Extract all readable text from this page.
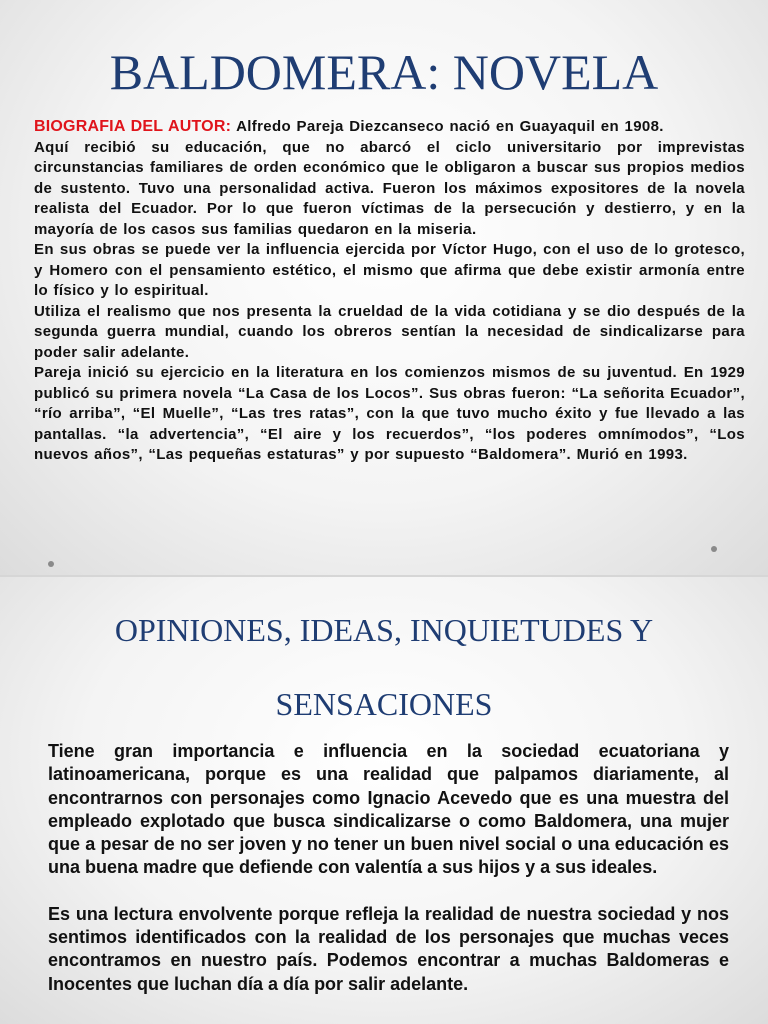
BALDOMERA: NOVELA

BIOGRAFIA DEL AUTOR: Alfredo Pareja Diezcanseco nació en Guayaquil en 1908.

Aquí recibió su educación, que no abarcó el ciclo universitario por imprevistas circunstancias familiares de orden económico que le obligaron a buscar sus propios medios de sustento. Tuvo una personalidad activa. Fueron los máximos expositores de la novela realista del Ecuador. Por lo que fueron víctimas de la persecución y destierro, y en la mayoría de los casos sus familias quedaron en la miseria.

En sus obras se puede ver la influencia ejercida por Víctor Hugo, con el uso de lo grotesco, y Homero con el pensamiento estético, el mismo que afirma que debe existir armonía entre lo físico y lo espiritual.

Utiliza el realismo que nos presenta la crueldad de la vida cotidiana y se dio después de la segunda guerra mundial, cuando los obreros sentían la necesidad de sindicalizarse para poder salir adelante.

Pareja inició su ejercicio en la literatura en los comienzos mismos de su juventud. En 1929 publicó su primera novela “La Casa de los Locos”. Sus obras fueron: “La señorita Ecuador”, “río arriba”, “El Muelle”, “Las tres ratas”, con la que tuvo mucho éxito y fue llevado a las pantallas. “la advertencia”, “El aire y los recuerdos”, “los poderes omnímodos”, “Los nuevos años”, “Las pequeñas estaturas” y por supuesto “Baldomera”. Murió en 1993.

OPINIONES, IDEAS, INQUIETUDES Y
SENSACIONES

Tiene gran importancia e influencia en la sociedad ecuatoriana y latinoamericana, porque es una realidad que palpamos diariamente, al encontrarnos con personajes como Ignacio Acevedo que es una muestra del empleado explotado que busca sindicalizarse o como Baldomera, una mujer que a pesar de no ser joven y no tener un buen nivel social o una educación es una buena madre que defiende con valentía a sus hijos y a sus ideales.

Es una lectura envolvente porque refleja la realidad de nuestra sociedad y nos sentimos identificados con la realidad de los personajes que muchas veces encontramos en nuestro país. Podemos encontrar a muchas Baldomeras e Inocentes que luchan día a día por salir adelante.
